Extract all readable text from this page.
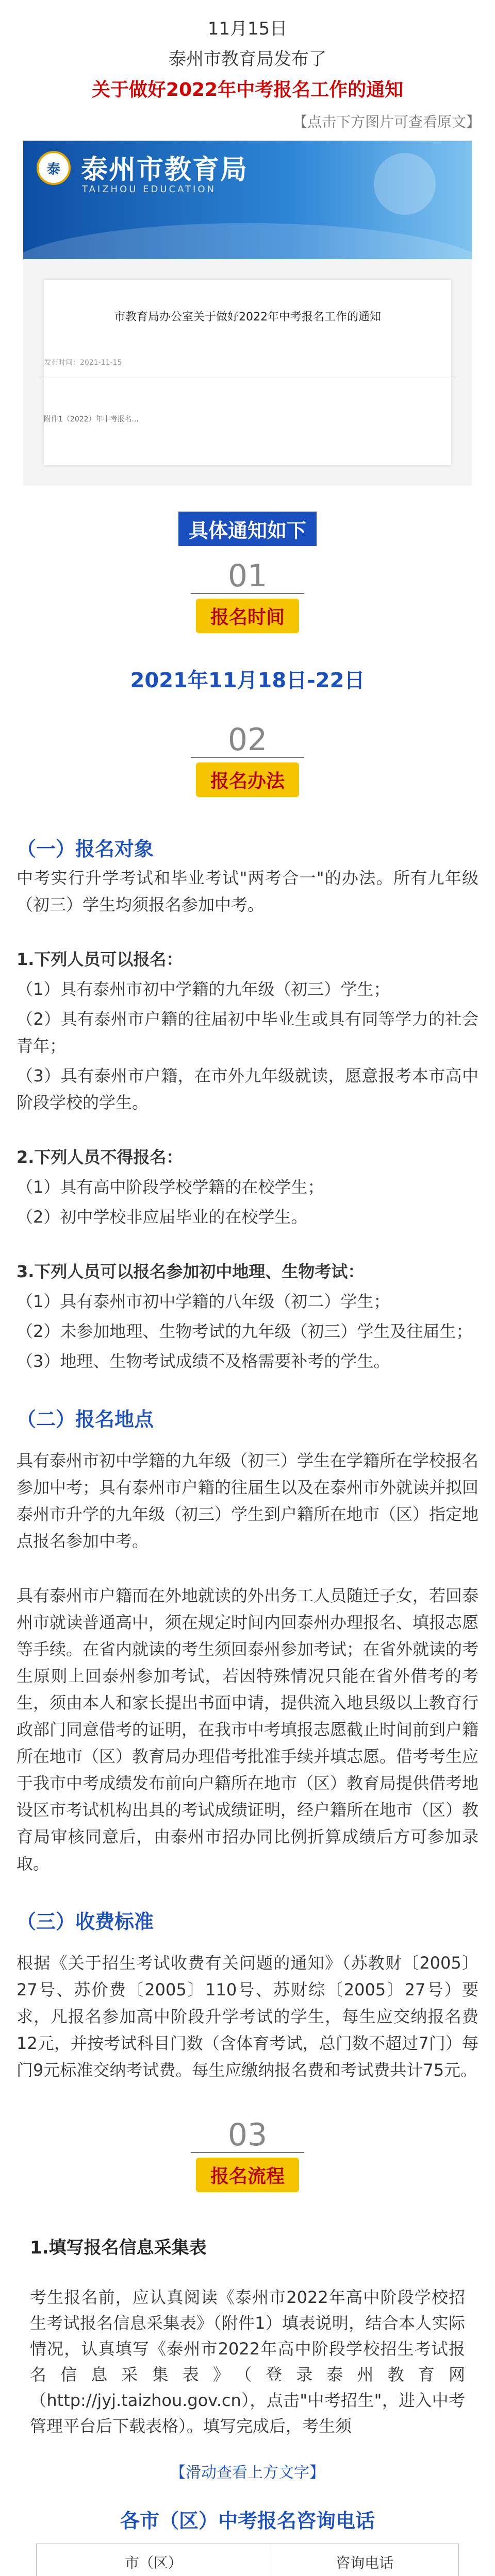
11月15日
泰州市教育局发布了
关于做好2022年中考报名工作的通知
【点击下方图片可查看原文】
泰 泰州市教育局
TAIZHOU EDUCATION
市教育局办公室关于做好2022年中考报名工作的通知
发布时间：2021-11-15
附件1（2022）年中考报名...
具体通知如下
01
报名时间
2021年11月18日-22日
02
报名办法
（一）报名对象

中考实行升学考试和毕业考试"两考合一"的办法。所有九年级（初三）学生均须报名参加中考。

1.下列人员可以报名：

（1）具有泰州市初中学籍的九年级（初三）学生；

（2）具有泰州市户籍的往届初中毕业生或具有同等学力的社会青年；

（3）具有泰州市户籍，在市外九年级就读，愿意报考本市高中阶段学校的学生。

2.下列人员不得报名：

（1）具有高中阶段学校学籍的在校学生；

（2）初中学校非应届毕业的在校学生。

3.下列人员可以报名参加初中地理、生物考试：

（1）具有泰州市初中学籍的八年级（初二）学生；

（2）未参加地理、生物考试的九年级（初三）学生及往届生；

（3）地理、生物考试成绩不及格需要补考的学生。

（二）报名地点

具有泰州市初中学籍的九年级（初三）学生在学籍所在学校报名参加中考；具有泰州市户籍的往届生以及在泰州市外就读并拟回泰州市升学的九年级（初三）学生到户籍所在地市（区）指定地点报名参加中考。

具有泰州市户籍而在外地就读的外出务工人员随迁子女，若回泰州市就读普通高中，须在规定时间内回泰州办理报名、填报志愿等手续。在省内就读的考生须回泰州参加考试；在省外就读的考生原则上回泰州参加考试，若因特殊情况只能在省外借考的考生，须由本人和家长提出书面申请，提供流入地县级以上教育行政部门同意借考的证明，在我市中考填报志愿截止时间前到户籍所在地市（区）教育局办理借考批准手续并填志愿。借考考生应于我市中考成绩发布前向户籍所在地市（区）教育局提供借考地设区市考试机构出具的考试成绩证明，经户籍所在地市（区）教育局审核同意后，由泰州市招办同比例折算成绩后方可参加录取。

（三）收费标准

根据《关于招生考试收费有关问题的通知》（苏教财〔2005〕27号、苏价费〔2005〕110号、苏财综〔2005〕27号）要求，凡报名参加高中阶段升学考试的学生，每生应交纳报名费12元，并按考试科目门数（含体育考试，总门数不超过7门）每门9元标准交纳考试费。每生应缴纳报名费和考试费共计75元。

03
报名流程
1.填写报名信息采集表

考生报名前，应认真阅读《泰州市2022年高中阶段学校招生考试报名信息采集表》（附件1）填表说明，结合本人实际情况，认真填写《泰州市2022年高中阶段学校招生考试报名信息采集表》（登录泰州教育网（http://jyj.taizhou.gov.cn），点击"中考招生"，进入中考管理平台后下载表格）。填写完成后，考生须

【滑动查看上方文字】
各市（区）中考报名咨询电话
市（区）	咨询电话
